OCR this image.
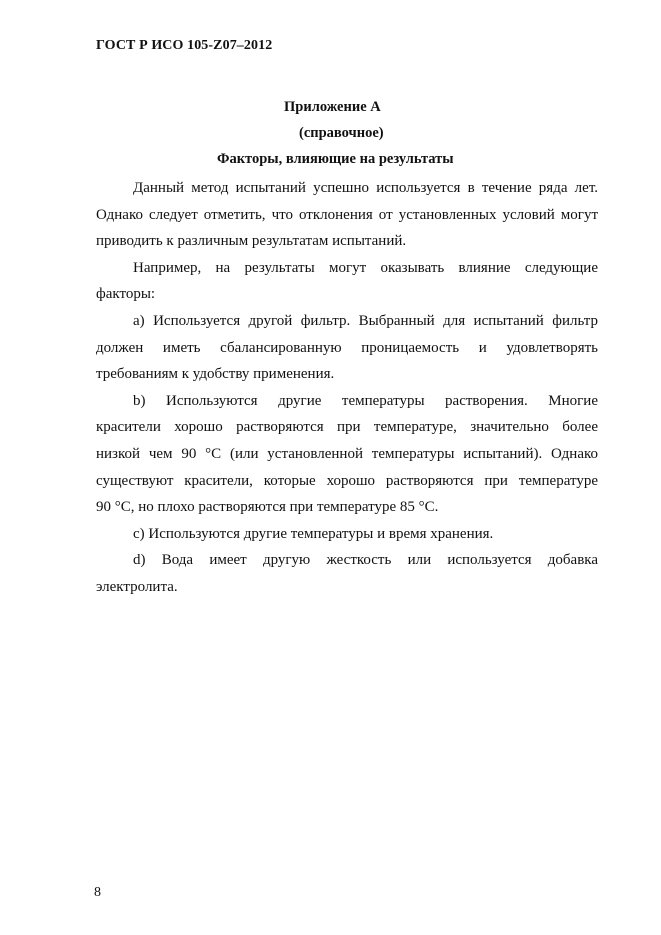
ГОСТ Р ИСО 105-Z07–2012
Приложение А
(справочное)
Факторы, влияющие на результаты
Данный метод испытаний успешно используется в течение ряда лет.
Однако следует отметить, что отклонения от установленных условий могут
приводить к различным результатам испытаний.
Например, на результаты могут оказывать влияние следующие
факторы:
a) Используется другой фильтр. Выбранный для испытаний фильтр
должен иметь сбалансированную проницаемость и удовлетворять
требованиям к удобству применения.
b) Используются другие температуры растворения. Многие
красители хорошо растворяются при температуре, значительно более
низкой чем 90 °С (или установленной температуры испытаний). Однако
существуют красители, которые хорошо растворяются при температуре
90 °С, но плохо растворяются при температуре 85 °С.
c) Используются другие температуры и время хранения.
d) Вода имеет другую жесткость или используется добавка
электролита.
8
